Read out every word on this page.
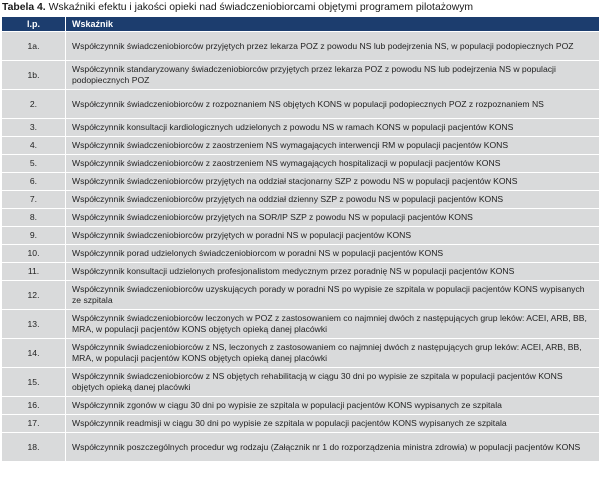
Tabela 4. Wskaźniki efektu i jakości opieki nad świadczeniobiorcami objętymi programem pilotażowym
l.p.	Wskaźnik
1a.	Współczynnik świadczeniobiorców przyjętych przez lekarza POZ z powodu NS lub podejrzenia NS, w populacji podopiecznych POZ
1b.	Współczynnik standaryzowany świadczeniobiorców przyjętych przez lekarza POZ z powodu NS lub podejrzenia NS w populacji podopiecznych POZ
2.	Współczynnik świadczeniobiorców z rozpoznaniem NS objętych KONS w populacji podopiecznych POZ z rozpoznaniem NS
3.	Współczynnik konsultacji kardiologicznych udzielonych z powodu NS w ramach KONS w populacji pacjentów KONS
4.	Współczynnik świadczeniobiorców z zaostrzeniem NS wymagających interwencji RM w populacji pacjentów KONS
5.	Współczynnik świadczeniobiorców z zaostrzeniem NS wymagających hospitalizacji w populacji pacjentów KONS
6.	Współczynnik świadczeniobiorców przyjętych na oddział stacjonarny SZP z powodu NS w populacji pacjentów KONS
7.	Współczynnik świadczeniobiorców przyjętych na oddział dzienny SZP z powodu NS w populacji pacjentów KONS
8.	Współczynnik świadczeniobiorców przyjętych na SOR/IP SZP z powodu NS w populacji pacjentów KONS
9.	Współczynnik świadczeniobiorców przyjętych w poradni NS w populacji pacjentów KONS
10.	Współczynnik porad udzielonych świadczeniobiorcom w poradni NS w populacji pacjentów KONS
11.	Współczynnik konsultacji udzielonych profesjonalistom medycznym przez poradnię NS w populacji pacjentów KONS
12.	Współczynnik świadczeniobiorców uzyskujących porady w poradni NS po wypisie ze szpitala w populacji pacjentów KONS wypisanych ze szpitala
13.	Współczynnik świadczeniobiorców leczonych w POZ z zastosowaniem co najmniej dwóch z następujących grup leków: ACEI, ARB, BB, MRA, w populacji pacjentów KONS objętych opieką danej placówki
14.	Współczynnik świadczeniobiorców z NS, leczonych z zastosowaniem co najmniej dwóch z następujących grup leków: ACEI, ARB, BB, MRA, w populacji pacjentów KONS objętych opieką danej placówki
15.	Współczynnik świadczeniobiorców z NS objętych rehabilitacją w ciągu 30 dni po wypisie ze szpitala w populacji pacjentów KONS objętych opieką danej placówki
16.	Współczynnik zgonów w ciągu 30 dni po wypisie ze szpitala w populacji pacjentów KONS wypisanych ze szpitala
17.	Współczynnik readmisji w ciągu 30 dni po wypisie ze szpitala w populacji pacjentów KONS wypisanych ze szpitala
18.	Współczynnik poszczególnych procedur wg rodzaju (Załącznik nr 1 do rozporządzenia ministra zdrowia) w populacji pacjentów KONS
